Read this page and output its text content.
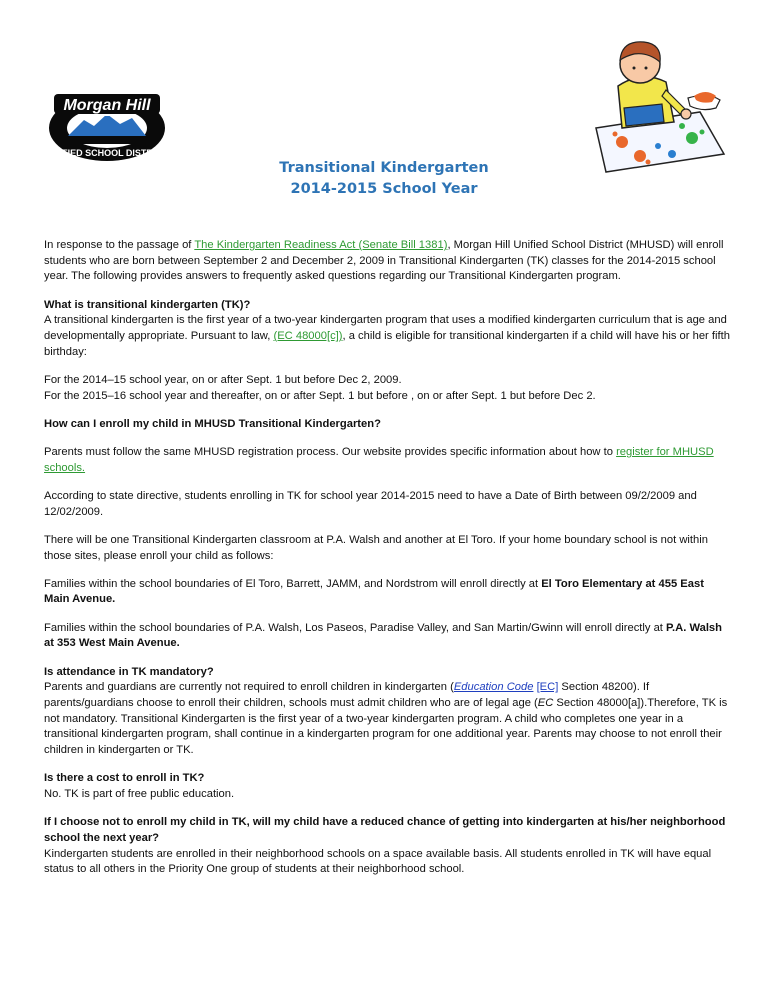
Morgan Hill
UNIFIED SCHOOL DISTRICT
Transitional Kindergarten
2014-2015 School Year

In response to the passage of The Kindergarten Readiness Act (Senate Bill 1381), Morgan Hill Unified School District (MHUSD) will enroll students who are born between September 2 and December 2, 2009 in Transitional Kindergarten (TK) classes for the 2014-2015 school year. The following provides answers to frequently asked questions regarding our Transitional Kindergarten program.

What is transitional kindergarten (TK)?
A transitional kindergarten is the first year of a two-year kindergarten program that uses a modified kindergarten curriculum that is age and developmentally appropriate. Pursuant to law, (EC 48000[c]), a child is eligible for transitional kindergarten if a child will have his or her fifth birthday:

For the 2014–15 school year, on or after Sept. 1 but before Dec 2, 2009.
For the 2015–16 school year and thereafter, on or after Sept. 1 but before , on or after Sept. 1 but before Dec 2.

How can I enroll my child in MHUSD Transitional Kindergarten?

Parents must follow the same MHUSD registration process. Our website provides specific information about how to register for MHUSD schools.

According to state directive, students enrolling in TK for school year 2014-2015 need to have a Date of Birth between 09/2/2009 and 12/02/2009.

There will be one Transitional Kindergarten classroom at P.A. Walsh and another at El Toro. If your home boundary school is not within those sites, please enroll your child as follows:

Families within the school boundaries of El Toro, Barrett, JAMM, and Nordstrom will enroll directly at El Toro Elementary at 455 East Main Avenue.

Families within the school boundaries of P.A. Walsh, Los Paseos, Paradise Valley, and San Martin/Gwinn will enroll directly at P.A. Walsh at 353 West Main Avenue.

Is attendance in TK mandatory?
Parents and guardians are currently not required to enroll children in kindergarten (Education Code [EC] Section 48200). If parents/guardians choose to enroll their children, schools must admit children who are of legal age (EC Section 48000[a]).Therefore, TK is not mandatory. Transitional Kindergarten is the first year of a two-year kindergarten program. A child who completes one year in a transitional kindergarten program, shall continue in a kindergarten program for one additional year. Parents may choose to not enroll their children in kindergarten or TK.
Is there a cost to enroll in TK?
No. TK is part of free public education.
If I choose not to enroll my child in TK, will my child have a reduced chance of getting into kindergarten at his/her neighborhood school the next year?
Kindergarten students are enrolled in their neighborhood schools on a space available basis. All students enrolled in TK will have equal status to all others in the Priority One group of students at their neighborhood school.
